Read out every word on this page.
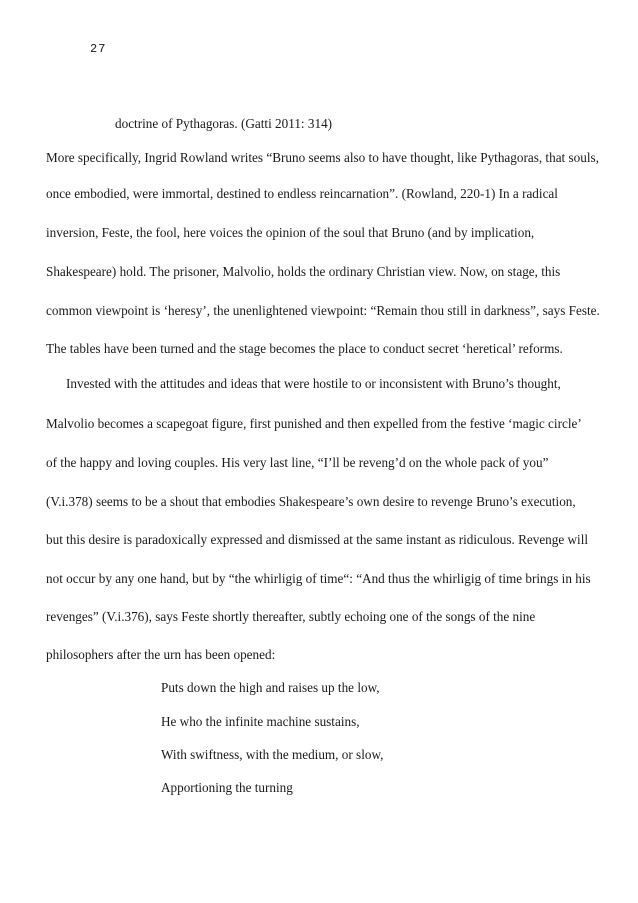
27
doctrine of Pythagoras. (Gatti 2011: 314)
More specifically, Ingrid Rowland writes “Bruno seems also to have thought, like Pythagoras, that souls,
once embodied, were immortal, destined to endless reincarnation”. (Rowland, 220-1) In a radical
inversion, Feste, the fool, here voices the opinion of the soul that Bruno (and by implication,
Shakespeare) hold. The prisoner, Malvolio, holds the ordinary Christian view. Now, on stage, this
common viewpoint is ‘heresy’, the unenlightened viewpoint: “Remain thou still in darkness”, says Feste.
The tables have been turned and the stage becomes the place to conduct secret ‘heretical’ reforms.
Invested with the attitudes and ideas that were hostile to or inconsistent with Bruno’s thought,
Malvolio becomes a scapegoat figure, first punished and then expelled from the festive ‘magic circle’
of the happy and loving couples. His very last line, “I’ll be reveng’d on the whole pack of you”
(V.i.378) seems to be a shout that embodies Shakespeare’s own desire to revenge Bruno’s execution,
but this desire is paradoxically expressed and dismissed at the same instant as ridiculous. Revenge will
not occur by any one hand, but by “the whirligig of time“: “And thus the whirligig of time brings in his
revenges” (V.i.376), says Feste shortly thereafter, subtly echoing one of the songs of the nine
philosophers after the urn has been opened:
Puts down the high and raises up the low,
He who the infinite machine sustains,
With swiftness, with the medium, or slow,
Apportioning the turning
